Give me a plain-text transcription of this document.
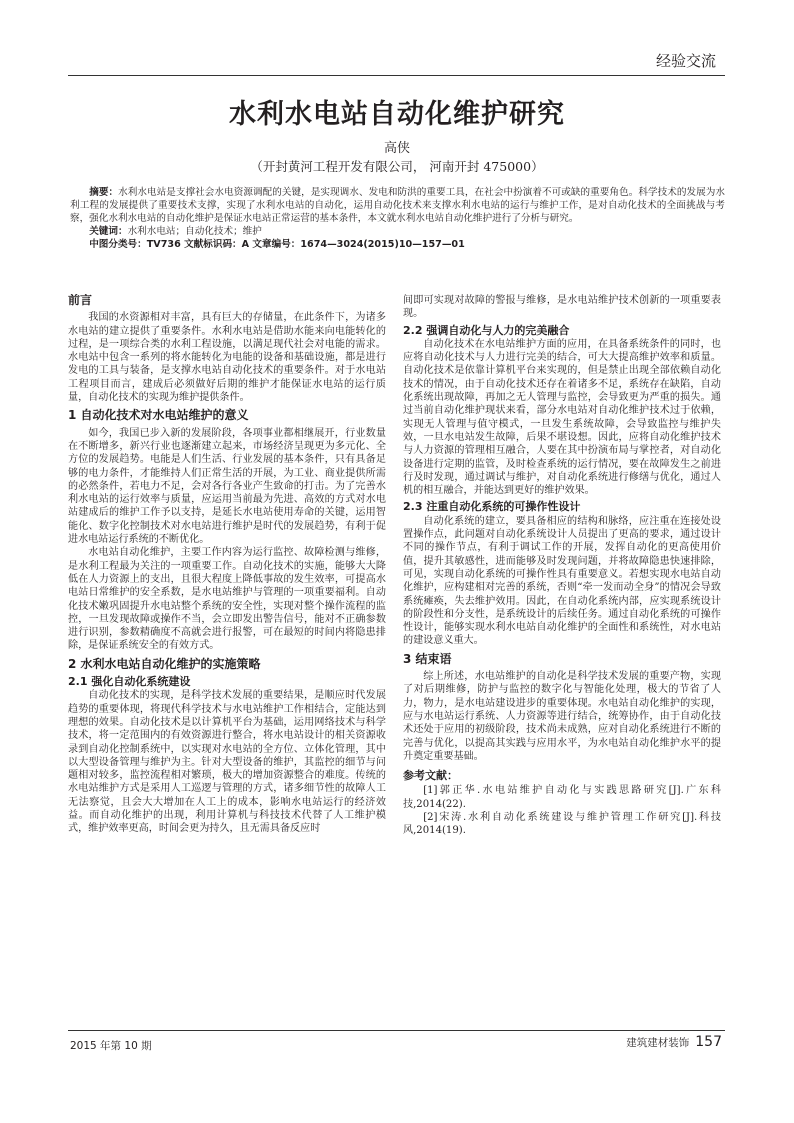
经验交流
水利水电站自动化维护研究
高侠
（开封黄河工程开发有限公司， 河南开封 475000）

摘要：水利水电站是支撑社会水电资源调配的关键，是实现调水、发电和防洪的重要工具，在社会中扮演着不可或缺的重要角色。科学技术的发展为水利工程的发展提供了重要技术支撑，实现了水利水电站的自动化，运用自动化技术来支撑水利水电站的运行与维护工作，是对自动化技术的全面挑战与考察，强化水利水电站的自动化维护是保证水电站正常运营的基本条件，本文就水利水电站自动化维护进行了分析与研究。

关键词：水利水电站；自动化技术；维护

中图分类号：TV736 文献标识码：A 文章编号：1674—3024(2015)10—157—01

前言

我国的水资源相对丰富，具有巨大的存储量，在此条件下，为诸多水电站的建立提供了重要条件。水利水电站是借助水能来向电能转化的过程，是一项综合类的水利工程设施，以满足现代社会对电能的需求。水电站中包含一系列的将水能转化为电能的设备和基础设施，都是进行发电的工具与装备，是支撑水电站自动化技术的重要条件。对于水电站工程项目而言，建成后必须做好后期的维护才能保证水电站的运行质量，自动化技术的实现为维护提供条件。

1 自动化技术对水电站维护的意义

如今，我国已步入新的发展阶段，各项事业都相继展开，行业数量在不断增多，新兴行业也逐渐建立起来，市场经济呈现更为多元化、全方位的发展趋势。电能是人们生活、行业发展的基本条件，只有具备足够的电力条件，才能维持人们正常生活的开展，为工业、商业提供所需的必然条件，若电力不足，会对各行各业产生致命的打击。为了完善水利水电站的运行效率与质量，应运用当前最为先进、高效的方式对水电站建成后的维护工作予以支持，是延长水电站使用寿命的关键，运用智能化、数字化控制技术对水电站进行维护是时代的发展趋势，有利于促进水电站运行系统的不断优化。

水电站自动化维护，主要工作内容为运行监控、故障检测与维修，是水利工程最为关注的一项重要工作。自动化技术的实施，能够大大降低在人力资源上的支出，且很大程度上降低事故的发生效率，可提高水电站日常维护的安全系数，是水电站维护与管理的一项重要福利。自动化技术嫩巩固提升水电站整个系统的安全性，实现对整个操作流程的监控，一旦发现故障或操作不当，会立即发出警告信号，能对不正确参数进行识别，参数精确度不高就会进行报警，可在最短的时间内将隐患排除，是保证系统安全的有效方式。

2 水利水电站自动化维护的实施策略
2.1 强化自动化系统建设

自动化技术的实现，是科学技术发展的重要结果，是顺应时代发展趋势的重要体现，将现代科学技术与水电站维护工作相结合，定能达到理想的效果。自动化技术是以计算机平台为基础，运用网络技术与科学技术，将一定范围内的有效资源进行整合，将水电站设计的相关资源收录到自动化控制系统中，以实现对水电站的全方位、立体化管理，其中以大型设备管理与维护为主。针对大型设备的维护，其监控的细节与问题相对较多，监控流程相对繁琐，极大的增加资源整合的难度。传统的水电站维护方式是采用人工巡逻与管理的方式，诸多细节性的故障人工无法察觉，且会大大增加在人工上的成本，影响水电站运行的经济效益。而自动化维护的出现，利用计算机与科技技术代替了人工维护模式，维护效率更高，时间会更为持久，且无需具备反应时

间即可实现对故障的警报与维修，是水电站维护技术创新的一项重要表现。

2.2 强调自动化与人力的完美融合

自动化技术在水电站维护方面的应用，在具备系统条件的同时，也应将自动化技术与人力进行完美的结合，可大大提高维护效率和质量。自动化技术是依靠计算机平台来实现的，但是禁止出现全部依赖自动化技术的情况，由于自动化技术还存在着诸多不足，系统存在缺陷，自动化系统出现故障，再加之无人管理与监控，会导致更为严重的损失。通过当前自动化维护现状来看，部分水电站对自动化维护技术过于依赖，实现无人管理与值守模式，一旦发生系统故障，会导致监控与维护失效，一旦水电站发生故障，后果不堪设想。因此，应将自动化维护技术与人力资源的管理相互融合，人要在其中扮演布局与掌控者，对自动化设备进行定期的监管，及时检查系统的运行情况，要在故障发生之前进行及时发现，通过调试与维护，对自动化系统进行修缮与优化，通过人机的相互融合，并能达到更好的维护效果。

2.3 注重自动化系统的可操作性设计

自动化系统的建立，要具备相应的结构和脉络，应注重在连接处设置操作点，此问题对自动化系统设计人员提出了更高的要求，通过设计不同的操作节点，有利于调试工作的开展，发挥自动化的更高使用价值，提升其敏感性，进而能够及时发现问题，并将故障隐患快速排除，可见，实现自动化系统的可操作性具有重要意义。若想实现水电站自动化维护，应构建相对完善的系统，否则“牵一发而动全身”的情况会导致系统瘫痪，失去维护效用。因此，在自动化系统内部，应实现系统设计的阶段性和分支性，是系统设计的后续任务。通过自动化系统的可操作性设计，能够实现水利水电站自动化维护的全面性和系统性，对水电站的建设意义重大。

3 结束语

综上所述，水电站维护的自动化是科学技术发展的重要产物，实现了对后期维修，防护与监控的数字化与智能化处理，极大的节省了人力，物力，是水电站建设进步的重要体现。水电站自动化维护的实现，应与水电站运行系统、人力资源等进行结合，统筹协作，由于自动化技术还处于应用的初级阶段，技术尚未成熟，应对自动化系统进行不断的完善与优化，以提高其实践与应用水平，为水电站自动化维护水平的提升奠定重要基础。

参考文献：

[1]郭正华.水电站维护自动化与实践思路研究[J].广东科技,2014(22).

[2]宋涛.水利自动化系统建设与维护管理工作研究[J].科技风,2014(19).

2015 年第 10 期	建筑建材装饰 157
